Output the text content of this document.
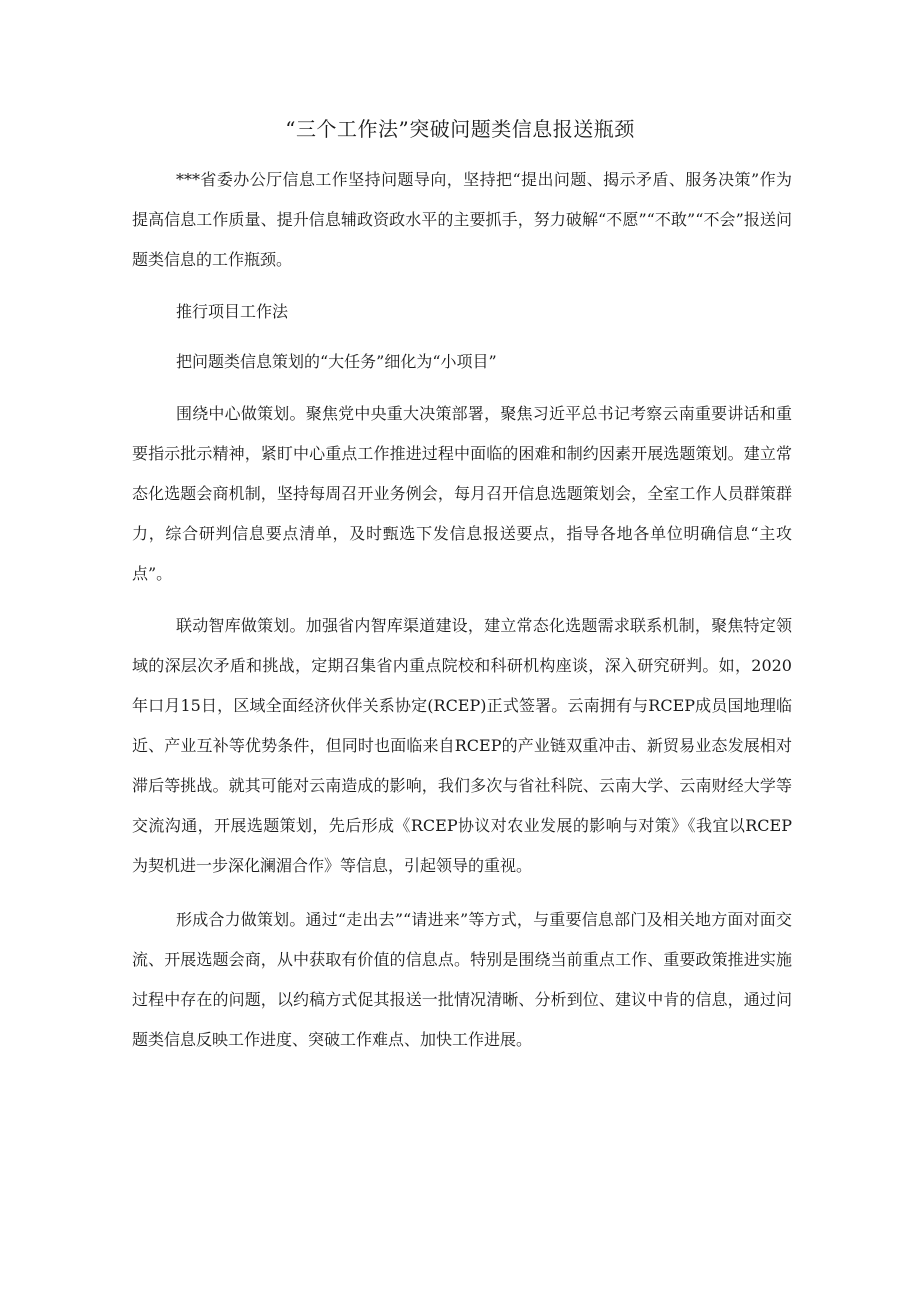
“三个工作法”突破问题类信息报送瓶颈

***省委办公厅信息工作坚持问题导向，坚持把“提出问题、揭示矛盾、服务决策”作为提高信息工作质量、提升信息辅政资政水平的主要抓手，努力破解“不愿”“不敢”“不会”报送问题类信息的工作瓶颈。

推行项目工作法

把问题类信息策划的“大任务”细化为“小项目”

围绕中心做策划。聚焦党中央重大决策部署，聚焦习近平总书记考察云南重要讲话和重要指示批示精神，紧盯中心重点工作推进过程中面临的困难和制约因素开展选题策划。建立常态化选题会商机制，坚持每周召开业务例会，每月召开信息选题策划会，全室工作人员群策群力，综合研判信息要点清单，及时甄选下发信息报送要点，指导各地各单位明确信息“主攻点”。

联动智库做策划。加强省内智库渠道建设，建立常态化选题需求联系机制，聚焦特定领域的深层次矛盾和挑战，定期召集省内重点院校和科研机构座谈，深入研究研判。如，2020年口月15日，区域全面经济伙伴关系协定(RCEP)正式签署。云南拥有与RCEP成员国地理临近、产业互补等优势条件，但同时也面临来自RCEP的产业链双重冲击、新贸易业态发展相对滞后等挑战。就其可能对云南造成的影响，我们多次与省社科院、云南大学、云南财经大学等交流沟通，开展选题策划，先后形成《RCEP协议对农业发展的影响与对策》《我宜以RCEP为契机进一步深化澜湄合作》等信息，引起领导的重视。

形成合力做策划。通过“走出去”“请进来”等方式，与重要信息部门及相关地方面对面交流、开展选题会商，从中获取有价值的信息点。特别是围绕当前重点工作、重要政策推进实施过程中存在的问题，以约稿方式促其报送一批情况清晰、分析到位、建议中肯的信息，通过问题类信息反映工作进度、突破工作难点、加快工作进展。
